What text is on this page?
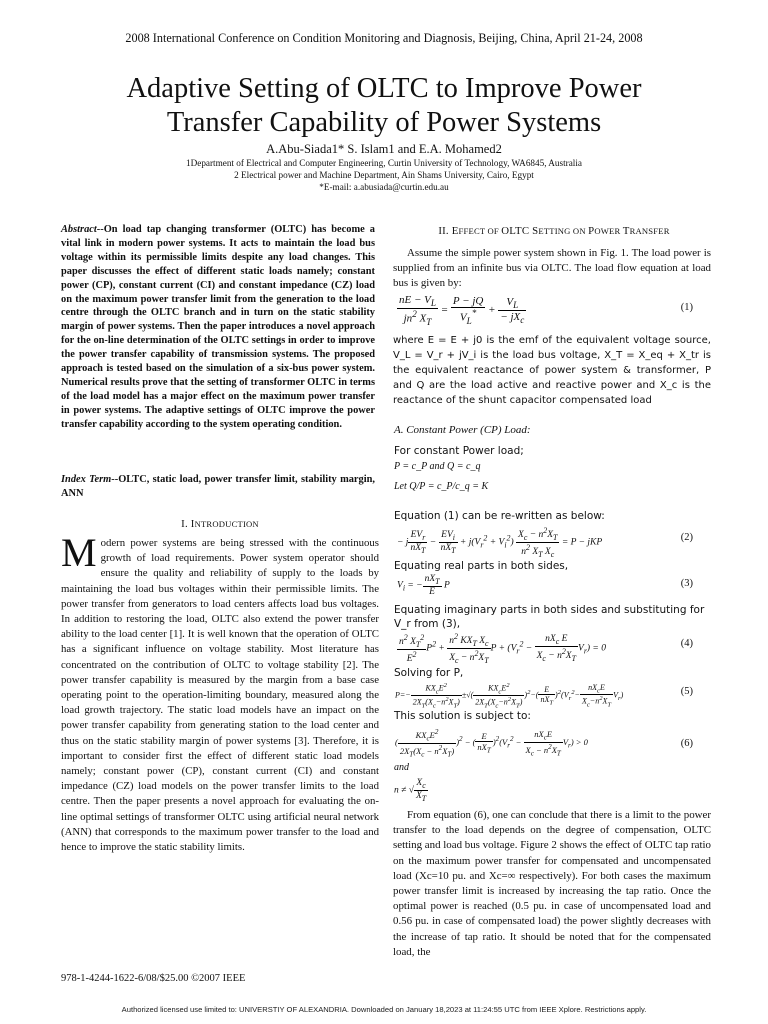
2008 International Conference on Condition Monitoring and Diagnosis, Beijing, China, April 21-24, 2008
Adaptive Setting of OLTC to Improve Power
Transfer Capability of Power Systems
A.Abu-Siada1* S. Islam1 and E.A. Mohamed2
1Department of Electrical and Computer Engineering, Curtin University of Technology, WA6845, Australia
2 Electrical power and Machine Department, Ain Shams University, Cairo, Egypt
*E-mail: a.abusiada@curtin.edu.au

Abstract--On load tap changing transformer (OLTC) has become a vital link in modern power systems. It acts to maintain the load bus voltage within its permissible limits despite any load changes. This paper discusses the effect of different static loads namely; constant power (CP), constant current (CI) and constant impedance (CZ) load on the maximum power transfer limit from the generation to the load centre through the OLTC branch and in turn on the static stability margin of power systems. Then the paper introduces a novel approach for the on-line determination of the OLTC settings in order to improve the power transfer capability of transmission systems. The proposed approach is tested based on the simulation of a six-bus power system. Numerical results prove that the setting of transformer OLTC in terms of the load model has a major effect on the maximum power transfer in power systems. The adaptive settings of OLTC improve the power transfer capability according to the system operating condition.

Index Term--OLTC, static load, power transfer limit, stability margin, ANN

I. INTRODUCTION

Modern power systems are being stressed with the continuous growth of load requirements. Power system operator should ensure the quality and reliability of supply to the loads by maintaining the load bus voltages within their permissible limits. The power transfer from generators to load centers affects load bus voltages. In addition to restoring the load, OLTC also extend the power transfer ability to the load center [1]. It is well known that the operation of OLTC has a significant influence on voltage stability. Most literature has concentrated on the contribution of OLTC to voltage stability [2]. The power transfer capability is measured by the margin from a base case operating point to the operation-limiting boundary, measured along the load growth trajectory. The static load models have an impact on the power transfer capability from generating station to the load center and thus on the static stability margin of power systems [3]. Therefore, it is important to consider first the effect of different static load models namely; constant power (CP), constant current (CI) and constant impedance (CZ) load models on the power transfer limits to the load centre. Then the paper presents a novel approach for evaluating the on-line optimal settings of transformer OLTC using artificial neural network (ANN) that corresponds to the maximum power transfer to the load and hence to improve the static stability limits.

II. EFFECT OF OLTC SETTING ON POWER TRANSFER

Assume the simple power system shown in Fig. 1. The load power is supplied from an infinite bus via OLTC. The load flow equation at load bus is given by:

$\frac{nE - V_L}{jn^2 X_T} = \frac{P - jQ}{V_L^*} + \frac{V_L}{- jX_c}$	(1)
where E = E + j0 is the emf of the equivalent voltage source, V_L = V_r + jV_i is the load bus voltage, X_T = X_eq + X_tr is the equivalent reactance of power system & transformer, P and Q are the load active and reactive power and X_c is the reactance of the shunt capacitor compensated load
A. Constant Power (CP) Load:
For constant Power load;
P = c_P and Q = c_q
Let Q/P = c_P/c_q = K
Equation (1) can be re-written as below:
− j $\frac{EV_r}{nX_T} - \frac{EV_i}{nX_T} + j(V_r^2 + V_i^2) \frac{X_c - n^2X_T}{n^2 X_T X_c} = P$ − jKP	(2)
Equating real parts in both sides,
$V_i$ = − $\frac{nX_T}{E}$ P	(3)
Equating imaginary parts in both sides and substituting for V_r from (3),
$\frac{n^2 X_T^2}{E^2} P^2 + \frac{n^2 KX_T X_c}{X_c - n^2X_T}$ $P + (V_r^2 - \frac{nX_c E}{X_c - n^2X_T} V_r) = 0$	(4)
Solving for P,
$P=- \frac{KX_cE^2}{2X_T(X_c-n^2X_T)}$ ±√( $\frac{KX_cE^2}{2X_T(X_c-n^2X_T)} )^2-( \frac{E}{nX_T} )^2(V_r^2- \frac{nX_cE}{X_c-n^2X_T} V_r)$	(5)
This solution is subject to:
( $\frac{KX_cE^2}{2X_T(X_c - n^2X_T)} )^2$ − ( $\frac{E}{nX_T} )^2(V_r^2 - \frac{nX_cE}{X_c - n^2X_T} V_r) > 0$	(6)
and
n ≠ √ $\frac{X_c}{X_T}$

From equation (6), one can conclude that there is a limit to the power transfer to the load depends on the degree of compensation, OLTC setting and load bus voltage. Figure 2 shows the effect of OLTC tap ratio on the maximum power transfer for compensated and uncompensated load (Xc=10 pu. and Xc=∞ respectively). For both cases the maximum power transfer limit is increased by increasing the tap ratio. Once the optimal power is reached (0.5 pu. in case of uncompensated load and 0.56 pu. in case of compensated load) the power slightly decreases with the increase of tap ratio. It should be noted that for the compensated load, the

978-1-4244-1622-6/08/$25.00 ©2007 IEEE
Authorized licensed use limited to: UNIVERSTIY OF ALEXANDRIA. Downloaded on January 18,2023 at 11:24:55 UTC from IEEE Xplore. Restrictions apply.
